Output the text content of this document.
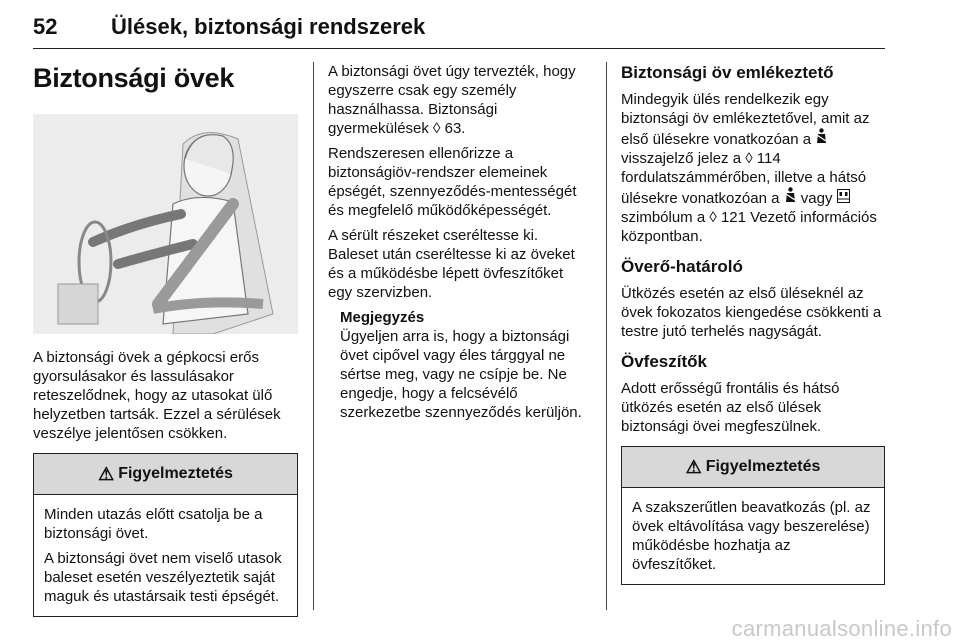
52 Ülések, biztonsági rendszerek
Biztonsági övek

A biztonsági övek a gépkocsi erős gyorsulásakor és lassulásakor reteszelődnek, hogy az utasokat ülő helyzetben tartsák. Ezzel a sérülések veszélye jelentősen csökken.

⚠ Figyelmeztetés

Minden utazás előtt csatolja be a biztonsági övet.

A biztonsági övet nem viselő utasok baleset esetén veszélyeztetik saját maguk és utastársaik testi épségét.

A biztonsági övet úgy tervezték, hogy egyszerre csak egy személy használhassa. Biztonsági gyermekülések ◊ 63.

Rendszeresen ellenőrizze a biztonságiöv-rendszer elemeinek épségét, szennyeződés-mentességét és megfelelő működőképességét.

A sérült részeket cseréltesse ki. Baleset után cseréltesse ki az öveket és a működésbe lépett övfeszítőket egy szervizben.

Megjegyzés

Ügyeljen arra is, hogy a biztonsági övet cipővel vagy éles tárggyal ne sértse meg, vagy ne csípje be. Ne engedje, hogy a felcsévélő szerkezetbe szennyeződés kerüljön.

Biztonsági öv emlékeztető

Mindegyik ülés rendelkezik egy biztonsági öv emlékeztetővel, amit az első ülésekre vonatkozóan a  visszajelző jelez a ◊ 114 fordulatszámmérőben, illetve a hátsó ülésekre vonatkozóan a vagy  szimbólum a ◊ 121 Vezető információs központban.

Överő-határoló

Ütközés esetén az első üléseknél az övek fokozatos kiengedése csökkenti a testre jutó terhelés nagyságát.

Övfeszítők

Adott erősségű frontális és hátsó ütközés esetén az első ülések biztonsági övei megfeszülnek.

⚠ Figyelmeztetés

A szakszerűtlen beavatkozás (pl. az övek eltávolítása vagy beszerelése) működésbe hozhatja az övfeszítőket.

carmanualsonline.info
